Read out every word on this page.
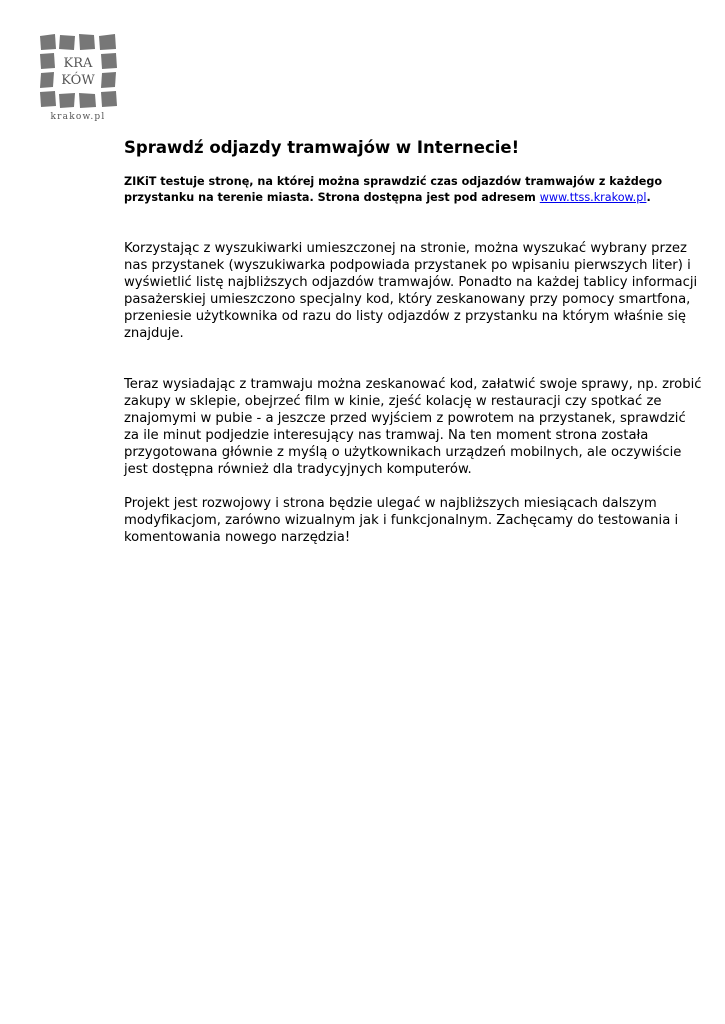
KRA
KÓW
krakow.pl
Sprawdź odjazdy tramwajów w Internecie!

ZIKiT testuje stronę, na której można sprawdzić czas odjazdów tramwajów z każdego przystanku na terenie miasta. Strona dostępna jest pod adresem www.ttss.krakow.pl.

Korzystając z wyszukiwarki umieszczonej na stronie, można wyszukać wybrany przez nas przystanek (wyszukiwarka podpowiada przystanek po wpisaniu pierwszych liter) i wyświetlić listę najbliższych odjazdów tramwajów. Ponadto na każdej tablicy informacji pasażerskiej umieszczono specjalny kod, który zeskanowany przy pomocy smartfona, przeniesie użytkownika od razu do listy odjazdów z przystanku na którym właśnie się znajduje.

Teraz wysiadając z tramwaju można zeskanować kod, załatwić swoje sprawy, np. zrobić zakupy w sklepie, obejrzeć film w kinie, zjeść kolację w restauracji czy spotkać ze znajomymi w pubie - a jeszcze przed wyjściem z powrotem na przystanek, sprawdzić za ile minut podjedzie interesujący nas tramwaj. Na ten moment strona została przygotowana głównie z myślą o użytkownikach urządzeń mobilnych, ale oczywiście jest dostępna również dla tradycyjnych komputerów.

Projekt jest rozwojowy i strona będzie ulegać w najbliższych miesiącach dalszym modyfikacjom, zarówno wizualnym jak i funkcjonalnym. Zachęcamy do testowania i komentowania nowego narzędzia!
